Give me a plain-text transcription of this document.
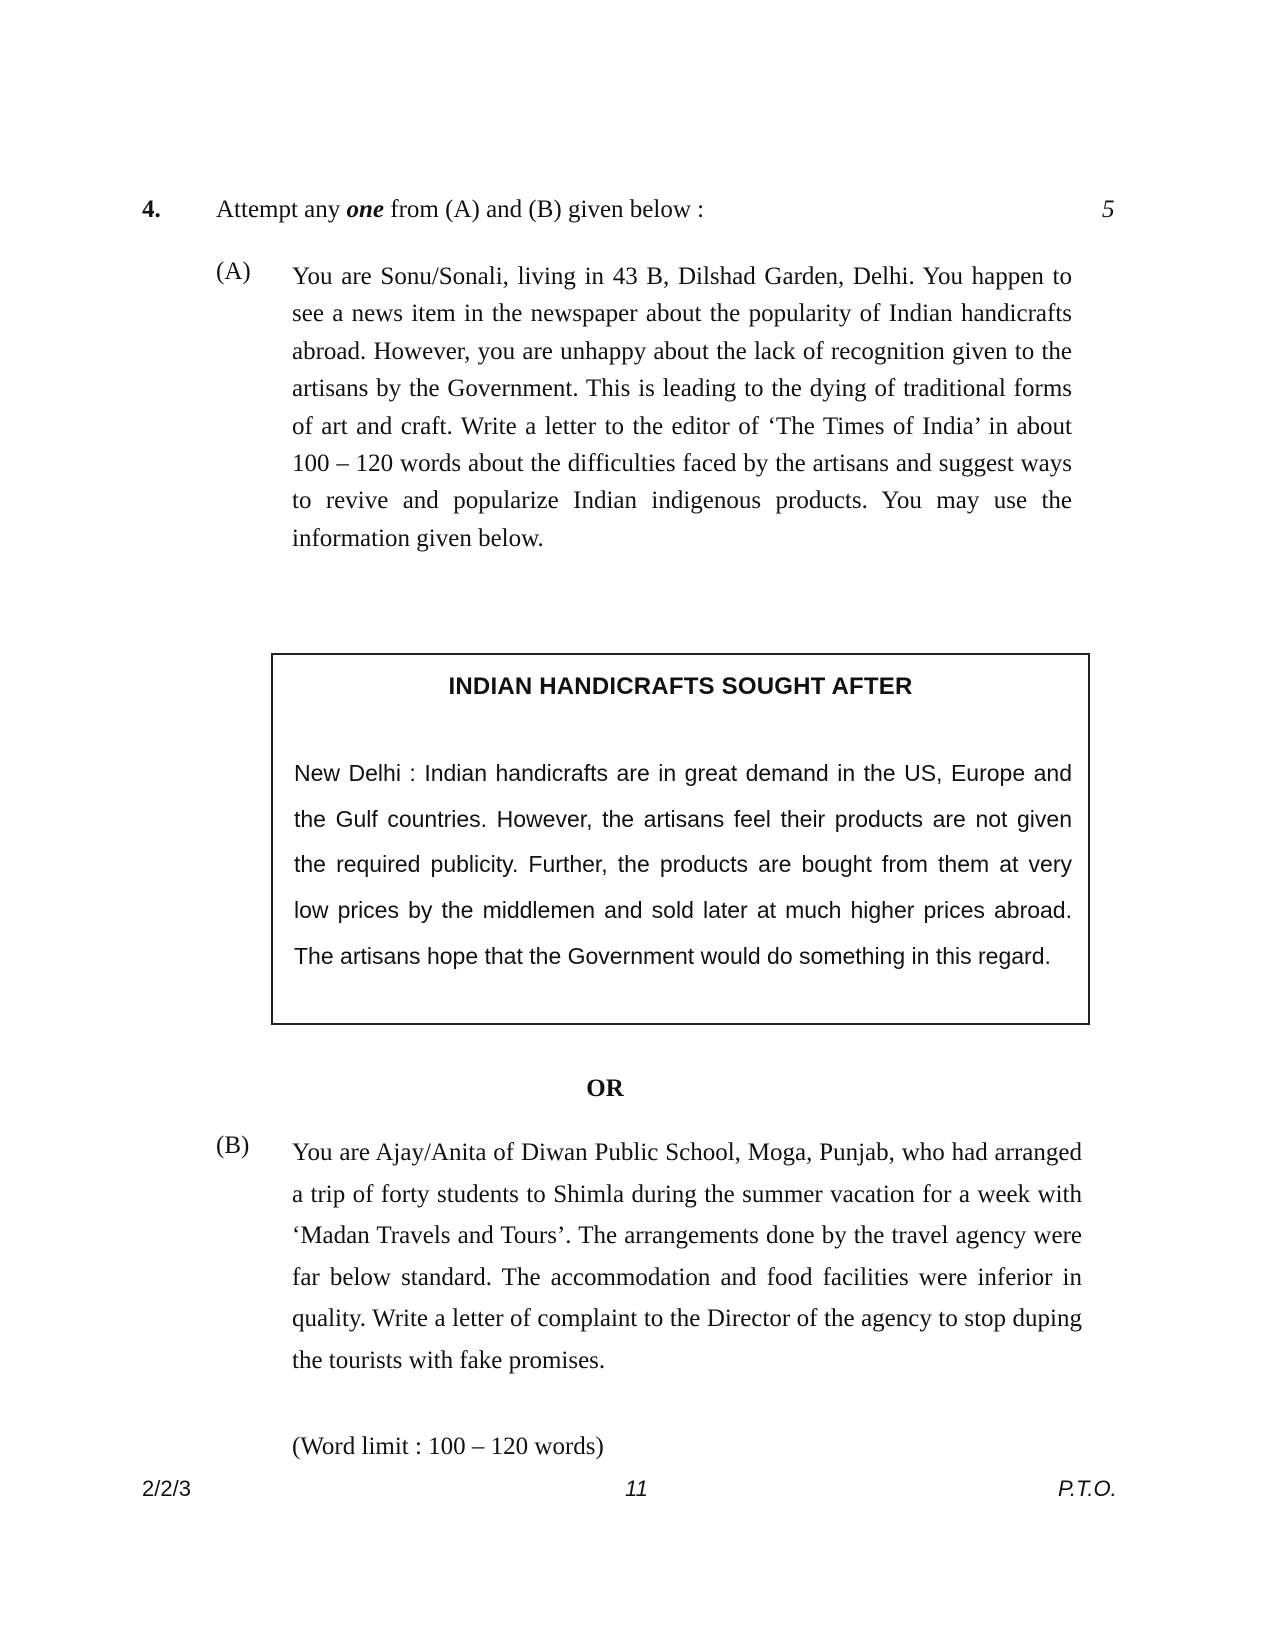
4. Attempt any one from (A) and (B) given below :	5
(A) You are Sonu/Sonali, living in 43 B, Dilshad Garden, Delhi. You happen to see a news item in the newspaper about the popularity of Indian handicrafts abroad. However, you are unhappy about the lack of recognition given to the artisans by the Government. This is leading to the dying of traditional forms of art and craft. Write a letter to the editor of ‘The Times of India’ in about 100 – 120 words about the difficulties faced by the artisans and suggest ways to revive and popularize Indian indigenous products. You may use the information given below.
INDIAN HANDICRAFTS SOUGHT AFTER
New Delhi : Indian handicrafts are in great demand in the US, Europe and the Gulf countries. However, the artisans feel their products are not given the required publicity. Further, the products are bought from them at very low prices by the middlemen and sold later at much higher prices abroad. The artisans hope that the Government would do something in this regard.
OR
(B) You are Ajay/Anita of Diwan Public School, Moga, Punjab, who had arranged a trip of forty students to Shimla during the summer vacation for a week with ‘Madan Travels and Tours’. The arrangements done by the travel agency were far below standard. The accommodation and food facilities were inferior in quality. Write a letter of complaint to the Director of the agency to stop duping the tourists with fake promises.
(Word limit : 100 – 120 words)
2/2/3	11	P.T.O.
